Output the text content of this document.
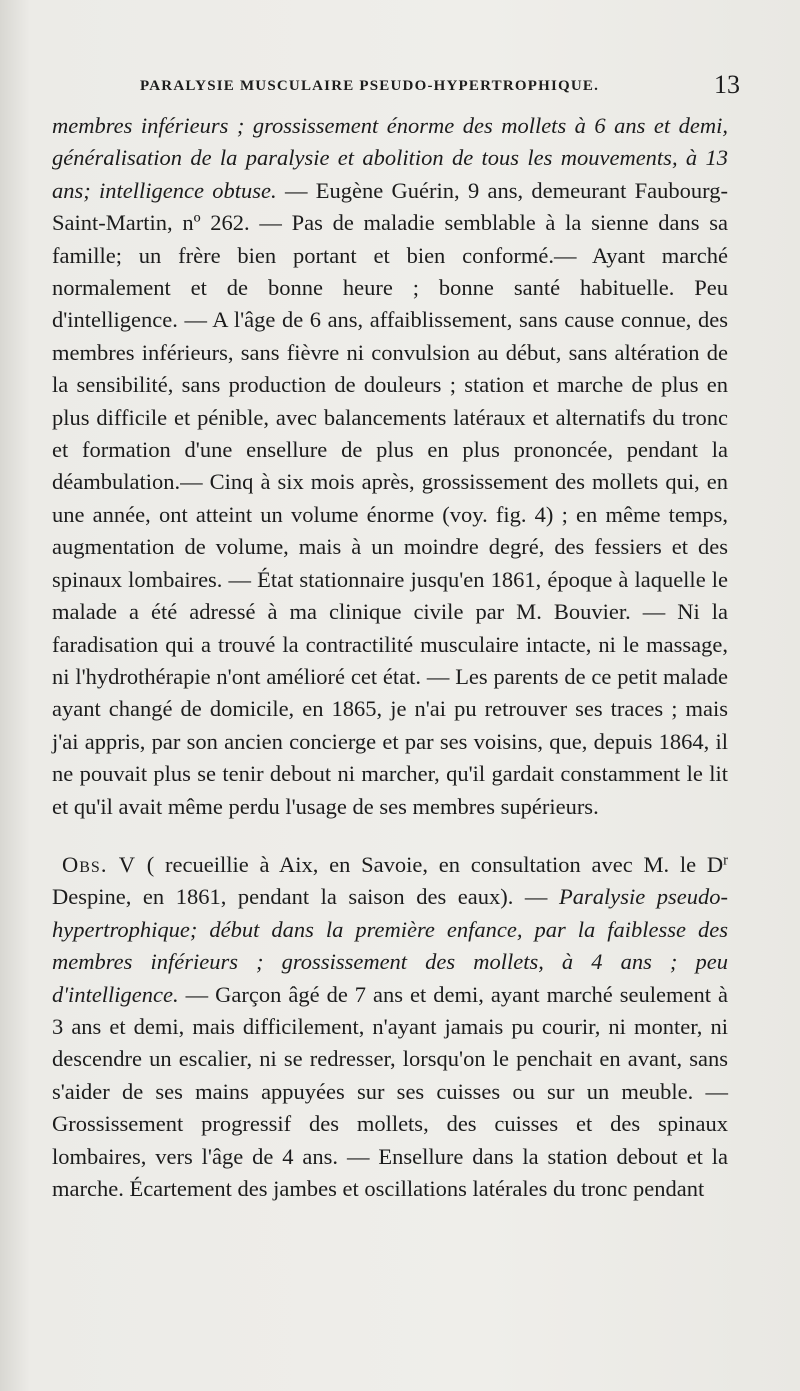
PARALYSIE MUSCULAIRE PSEUDO-HYPERTROPHIQUE.	13

membres inférieurs ; grossissement énorme des mollets à 6 ans et demi, généralisation de la paralysie et abolition de tous les mouvements, à 13 ans; intelligence obtuse. — Eugène Guérin, 9 ans, demeurant Faubourg-Saint-Martin, nº 262. — Pas de maladie semblable à la sienne dans sa famille; un frère bien portant et bien conformé.— Ayant marché normalement et de bonne heure ; bonne santé habituelle. Peu d'intelligence. — A l'âge de 6 ans, affaiblissement, sans cause connue, des membres inférieurs, sans fièvre ni convulsion au début, sans altération de la sensibilité, sans production de douleurs ; station et marche de plus en plus difficile et pénible, avec balancements latéraux et alternatifs du tronc et formation d'une ensellure de plus en plus prononcée, pendant la déambulation.— Cinq à six mois après, grossissement des mollets qui, en une année, ont atteint un volume énorme (voy. fig. 4) ; en même temps, augmentation de volume, mais à un moindre degré, des fessiers et des spinaux lombaires. — État stationnaire jusqu'en 1861, époque à laquelle le malade a été adressé à ma clinique civile par M. Bouvier. — Ni la faradisation qui a trouvé la contractilité musculaire intacte, ni le massage, ni l'hydrothérapie n'ont amélioré cet état. — Les parents de ce petit malade ayant changé de domicile, en 1865, je n'ai pu retrouver ses traces ; mais j'ai appris, par son ancien concierge et par ses voisins, que, depuis 1864, il ne pouvait plus se tenir debout ni marcher, qu'il gardait constamment le lit et qu'il avait même perdu l'usage de ses membres supérieurs.

Obs. V ( recueillie à Aix, en Savoie, en consultation avec M. le $D^r$ Despine, en 1861, pendant la saison des eaux). — Paralysie pseudo-hypertrophique; début dans la première enfance, par la faiblesse des membres inférieurs ; grossissement des mollets, à 4 ans ; peu d'intelligence. — Garçon âgé de 7 ans et demi, ayant marché seulement à 3 ans et demi, mais difficilement, n'ayant jamais pu courir, ni monter, ni descendre un escalier, ni se redresser, lorsqu'on le penchait en avant, sans s'aider de ses mains appuyées sur ses cuisses ou sur un meuble. — Grossissement progressif des mollets, des cuisses et des spinaux lombaires, vers l'âge de 4 ans. — Ensellure dans la station debout et la marche. Écartement des jambes et oscillations latérales du tronc pendant
